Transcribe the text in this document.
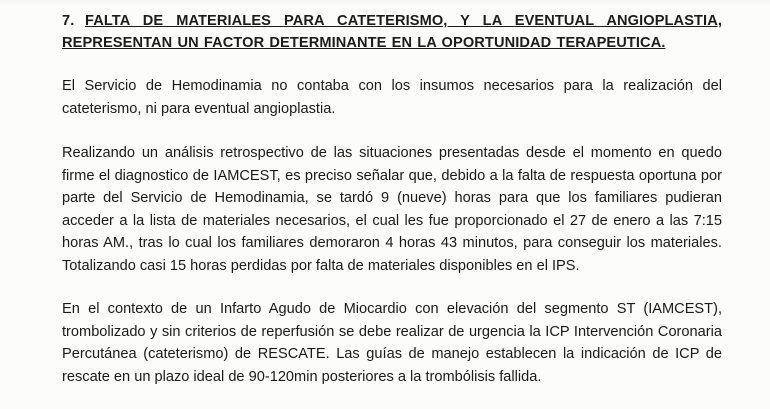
7. FALTA DE MATERIALES PARA CATETERISMO, Y LA EVENTUAL ANGIOPLASTIA,
REPRESENTAN UN FACTOR DETERMINANTE EN LA OPORTUNIDAD TERAPEUTICA.

El Servicio de Hemodinamia no contaba con los insumos necesarios para la realización del cateterismo, ni para eventual angioplastia.

Realizando un análisis retrospectivo de las situaciones presentadas desde el momento en quedo firme el diagnostico de IAMCEST, es preciso señalar que, debido a la falta de respuesta oportuna por parte del Servicio de Hemodinamia, se tardó 9 (nueve) horas para que los familiares pudieran acceder a la lista de materiales necesarios, el cual les fue proporcionado el 27 de enero a las 7:15 horas AM., tras lo cual los familiares demoraron 4 horas 43 minutos, para conseguir los materiales. Totalizando casi 15 horas perdidas por falta de materiales disponibles en el IPS.

En el contexto de un Infarto Agudo de Miocardio con elevación del segmento ST (IAMCEST), trombolizado y sin criterios de reperfusión se debe realizar de urgencia la ICP Intervención Coronaria Percutánea (cateterismo) de RESCATE. Las guías de manejo establecen la indicación de ICP de rescate en un plazo ideal de 90-120min posteriores a la trombólisis fallida.
